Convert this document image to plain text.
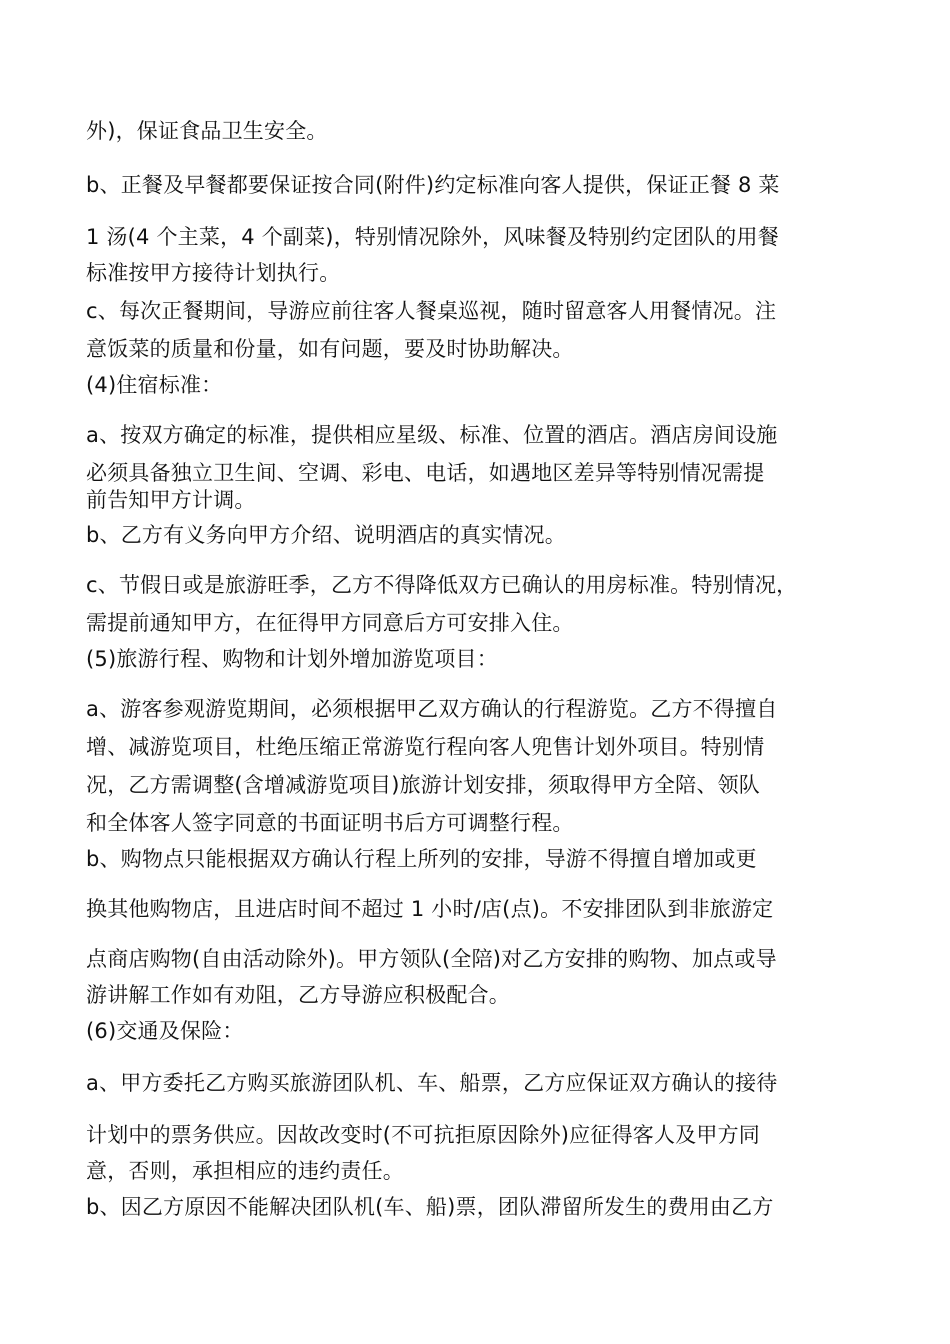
外)，保证食品卫生安全。
b、正餐及早餐都要保证按合同(附件)约定标准向客人提供，保证正餐 8 菜
1 汤(4 个主菜，4 个副菜)，特别情况除外，风味餐及特别约定团队的用餐
标准按甲方接待计划执行。
c、每次正餐期间，导游应前往客人餐桌巡视，随时留意客人用餐情况。注
意饭菜的质量和份量，如有问题，要及时协助解决。
(4)住宿标准：
a、按双方确定的标准，提供相应星级、标准、位置的酒店。酒店房间设施
必须具备独立卫生间、空调、彩电、电话，如遇地区差异等特别情况需提
前告知甲方计调。
b、乙方有义务向甲方介绍、说明酒店的真实情况。
c、节假日或是旅游旺季，乙方不得降低双方已确认的用房标准。特别情况，
需提前通知甲方，在征得甲方同意后方可安排入住。
(5)旅游行程、购物和计划外增加游览项目：
a、游客参观游览期间，必须根据甲乙双方确认的行程游览。乙方不得擅自
增、减游览项目，杜绝压缩正常游览行程向客人兜售计划外项目。特别情
况，乙方需调整(含增减游览项目)旅游计划安排，须取得甲方全陪、领队
和全体客人签字同意的书面证明书后方可调整行程。
b、购物点只能根据双方确认行程上所列的安排，导游不得擅自增加或更
换其他购物店，且进店时间不超过 1 小时/店(点)。不安排团队到非旅游定
点商店购物(自由活动除外)。甲方领队(全陪)对乙方安排的购物、加点或导
游讲解工作如有劝阻，乙方导游应积极配合。
(6)交通及保险：
a、甲方委托乙方购买旅游团队机、车、船票，乙方应保证双方确认的接待
计划中的票务供应。因故改变时(不可抗拒原因除外)应征得客人及甲方同
意，否则，承担相应的违约责任。
b、因乙方原因不能解决团队机(车、船)票，团队滞留所发生的费用由乙方
